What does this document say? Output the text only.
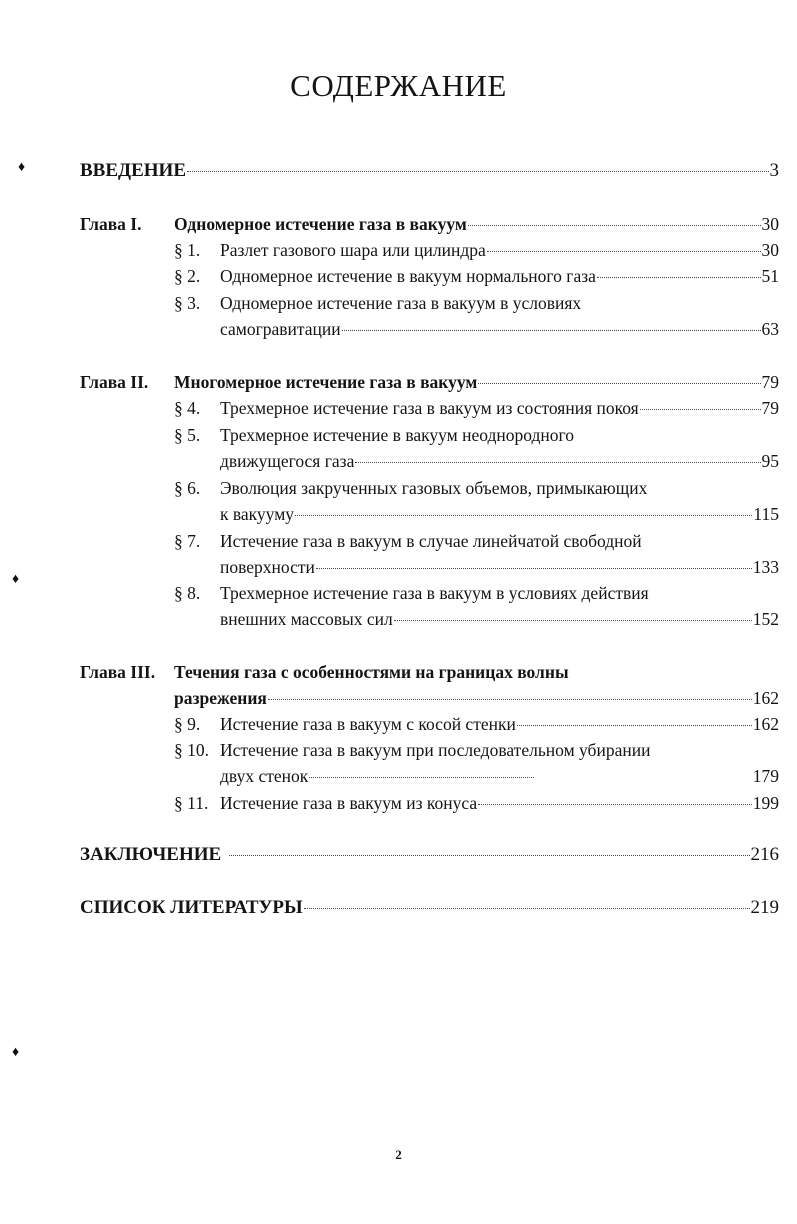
СОДЕРЖАНИЕ
ВВЕДЕНИЕ	3
Глава I. Одномерное истечение газа в вакуум	30
§ 1. Разлет газового шара или цилиндра	30
§ 2. Одномерное истечение в вакуум нормального газа	51
§ 3. Одномерное истечение газа в вакуум в условиях
самогравитации	63
Глава II. Многомерное истечение газа в вакуум	79
§ 4. Трехмерное истечение газа в вакуум из состояния покоя	79
§ 5. Трехмерное истечение в вакуум неоднородного
движущегося газа	95
§ 6. Эволюция закрученных газовых объемов, примыкающих
к вакууму	115
§ 7. Истечение газа в вакуум в случае линейчатой свободной
поверхности	133
§ 8. Трехмерное истечение газа в вакуум в условиях действия
внешних массовых сил	152
Глава III. Течения газа с особенностями на границах волны
разрежения	162
§ 9. Истечение газа в вакуум с косой стенки	162
§ 10. Истечение газа в вакуум при последовательном убирании
двух стенок	179
§ 11. Истечение газа в вакуум из конуса	199
ЗАКЛЮЧЕНИЕ	216
СПИСОК ЛИТЕРАТУРЫ	219
2
♦
♦
♦
